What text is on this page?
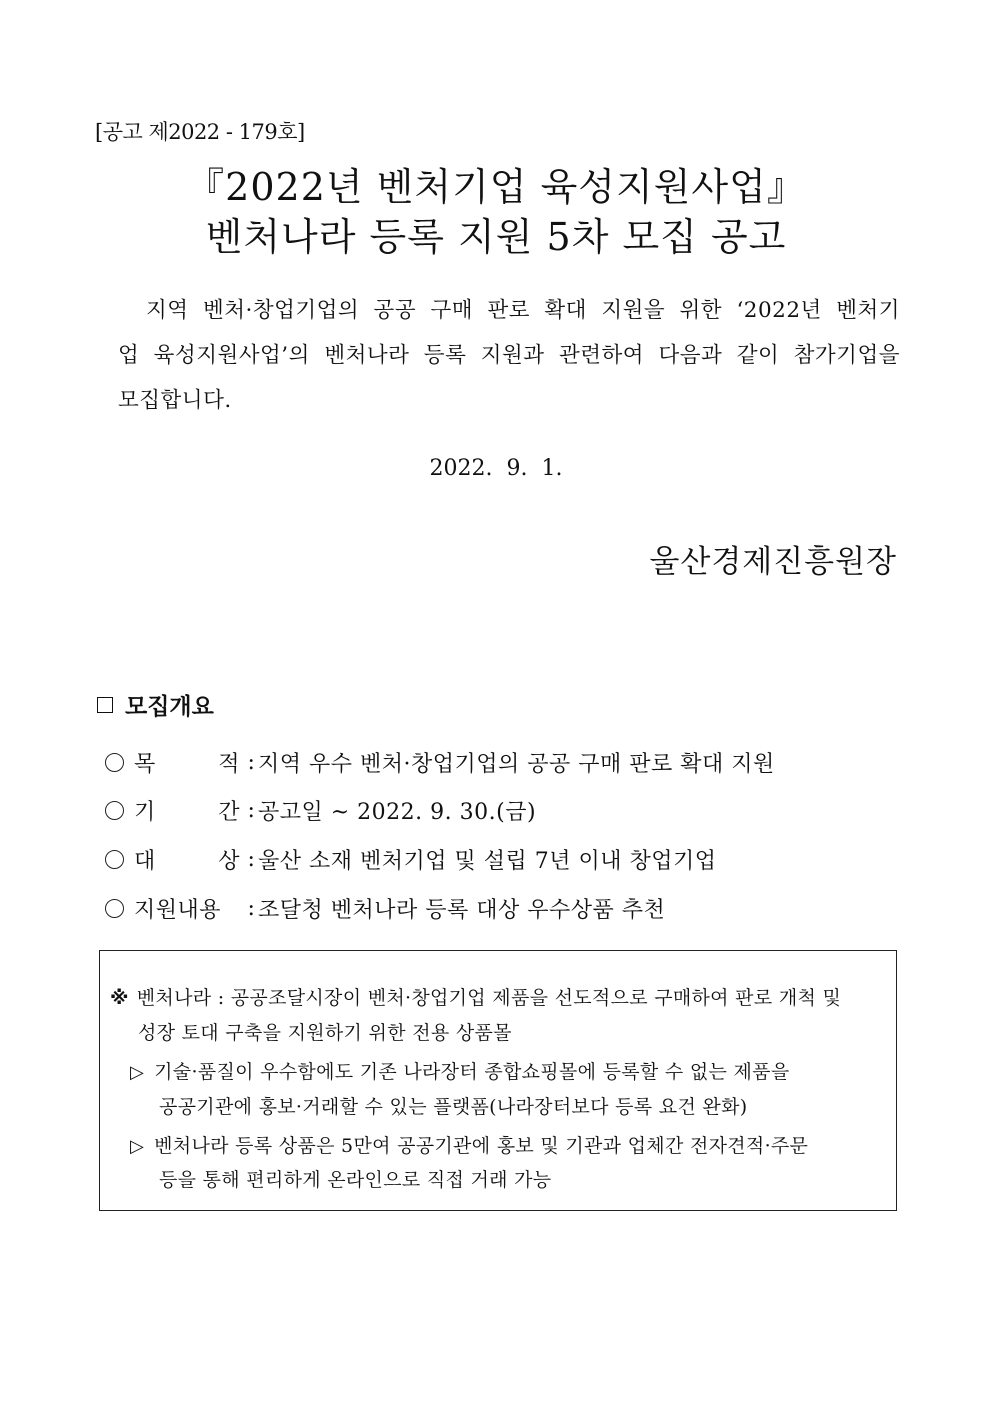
[공고 제2022 - 179호]
『2022년 벤처기업 육성지원사업』
벤처나라 등록 지원 5차 모집 공고
지역 벤처·창업기업의 공공 구매 판로 확대 지원을 위한 ‘2022년 벤처기업 육성지원사업’의 벤처나라 등록 지원과 관련하여 다음과 같이 참가기업을 모집합니다.
2022.  9.  1.
울산경제진흥원장
모집개요
목	적 : 지역 우수 벤처·창업기업의 공공 구매 판로 확대 지원
기	간 : 공고일 ~ 2022. 9. 30.(금)
대	상 : 울산 소재 벤처기업 및 설립 7년 이내 창업기업
지원내용 : 조달청 벤처나라 등록 대상 우수상품 추천
※ 벤처나라 : 공공조달시장이 벤처·창업기업 제품을 선도적으로 구매하여 판로 개척 및
성장 토대 구축을 지원하기 위한 전용 상품몰
▷ 기술·품질이 우수함에도 기존 나라장터 종합쇼핑몰에 등록할 수 없는 제품을
공공기관에 홍보·거래할 수 있는 플랫폼(나라장터보다 등록 요건 완화)
▷ 벤처나라 등록 상품은 5만여 공공기관에 홍보 및 기관과 업체간 전자견적·주문
등을 통해 편리하게 온라인으로 직접 거래 가능
